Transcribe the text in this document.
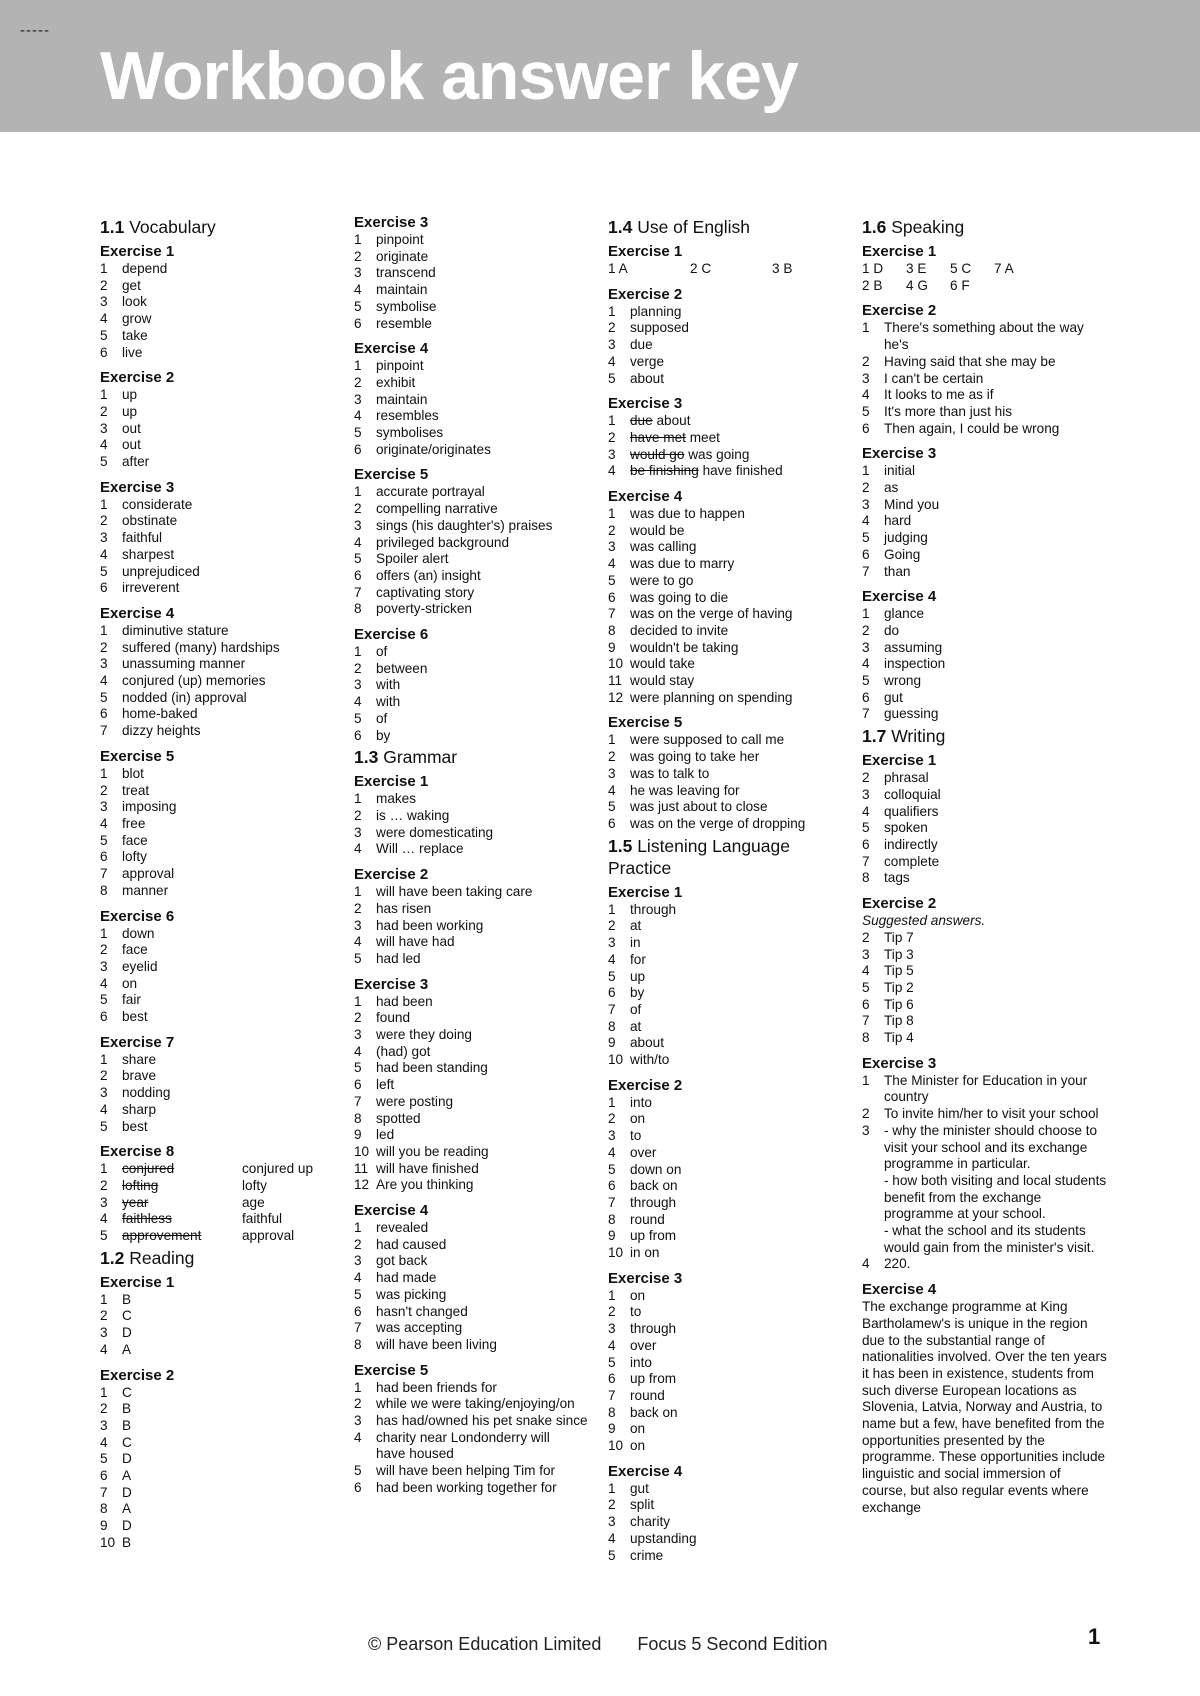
-----
Workbook answer key
1.1 Vocabulary
Exercise 1
1	depend
2	get
3	look
4	grow
5	take
6	live
Exercise 2
1	up
2	up
3	out
4	out
5	after
Exercise 3
1	considerate
2	obstinate
3	faithful
4	sharpest
5	unprejudiced
6	irreverent
Exercise 4
1	diminutive stature
2	suffered (many) hardships
3	unassuming manner
4	conjured (up) memories
5	nodded (in) approval
6	home-baked
7	dizzy heights
Exercise 5
1	blot
2	treat
3	imposing
4	free
5	face
6	lofty
7	approval
8	manner
Exercise 6
1	down
2	face
3	eyelid
4	on
5	fair
6	best
Exercise 7
1	share
2	brave
3	nodding
4	sharp
5	best
Exercise 8
1	conjured	conjured up
2	lofting	lofty
3	year	age
4	faithless	faithful
5	approvement	approval
1.2 Reading
Exercise 1
1	B
2	C
3	D
4	A
Exercise 2
1	C
2	B
3	B
4	C
5	D
6	A
7	D
8	A
9	D
10 B
Exercise 3
1	pinpoint
2	originate
3	transcend
4	maintain
5	symbolise
6	resemble
Exercise 4
1	pinpoint
2	exhibit
3	maintain
4	resembles
5	symbolises
6	originate/originates
Exercise 5
1	accurate portrayal
2	compelling narrative
3	sings (his daughter's) praises
4	privileged background
5	Spoiler alert
6	offers (an) insight
7	captivating story
8	poverty-stricken
Exercise 6
1	of
2	between
3	with
4	with
5	of
6	by
1.3 Grammar
Exercise 1
1	makes
2	is … waking
3	were domesticating
4	Will … replace
Exercise 2
1	will have been taking care
2	has risen
3	had been working
4	will have had
5	had led
Exercise 3
1	had been
2	found
3	were they doing
4	(had) got
5	had been standing
6	left
7	were posting
8	spotted
9	led
10 will you be reading
11 will have finished
12 Are you thinking
Exercise 4
1	revealed
2	had caused
3	got back
4	had made
5	was picking
6	hasn't changed
7	was accepting
8	will have been living
Exercise 5
1	had been friends for
2	while we were taking/enjoying/on
3	has had/owned his pet snake since
4	charity near Londonderry will
have housed
5	will have been helping Tim for
6	had been working together for
1.4 Use of English
Exercise 1
1 A	2 C	3 B
Exercise 2
1	planning
2	supposed
3	due
4	verge
5	about
Exercise 3
1	due about
2	have met meet
3	would go was going
4	be finishing have finished
Exercise 4
1	was due to happen
2	would be
3	was calling
4	was due to marry
5	were to go
6	was going to die
7	was on the verge of having
8	decided to invite
9	wouldn't be taking
10 would take
11 would stay
12 were planning on spending
Exercise 5
1	were supposed to call me
2	was going to take her
3	was to talk to
4	he was leaving for
5	was just about to close
6	was on the verge of dropping
1.5 Listening Language Practice
Exercise 1
1	through
2	at
3	in
4	for
5	up
6	by
7	of
8	at
9	about
10 with/to
Exercise 2
1	into
2	on
3	to
4	over
5	down on
6	back on
7	through
8	round
9	up from
10 in on
Exercise 3
1	on
2	to
3	through
4	over
5	into
6	up from
7	round
8	back on
9	on
10 on
Exercise 4
1	gut
2	split
3	charity
4	upstanding
5	crime
1.6 Speaking
Exercise 1
1 D	3 E	5 C	7 A
2 B	4 G	6 F
Exercise 2
1	There's something about the way he's
2	Having said that she may be
3	I can't be certain
4	It looks to me as if
5	It's more than just his
6	Then again, I could be wrong
Exercise 3
1	initial
2	as
3	Mind you
4	hard
5	judging
6	Going
7	than
Exercise 4
1	glance
2	do
3	assuming
4	inspection
5	wrong
6	gut
7	guessing
1.7 Writing
Exercise 1
2	phrasal
3	colloquial
4	qualifiers
5	spoken
6	indirectly
7	complete
8	tags
Exercise 2
Suggested answers.
2	Tip 7
3	Tip 3
4	Tip 5
5	Tip 2
6	Tip 6
7	Tip 8
8	Tip 4
Exercise 3
1	The Minister for Education in your country
2	To invite him/her to visit your school
3	- why the minister should choose to visit your school and its exchange programme in particular.
- how both visiting and local students benefit from the exchange programme at your school.
- what the school and its students would gain from the minister's visit.
4	220.
Exercise 4
The exchange programme at King Bartholamew's is unique in the region due to the substantial range of nationalities involved. Over the ten years it has been in existence, students from such diverse European locations as Slovenia, Latvia, Norway and Austria, to name but a few, have benefited from the opportunities presented by the programme. These opportunities include linguistic and social immersion of course, but also regular events where exchange
© Pearson Education Limited Focus 5 Second Edition	1
